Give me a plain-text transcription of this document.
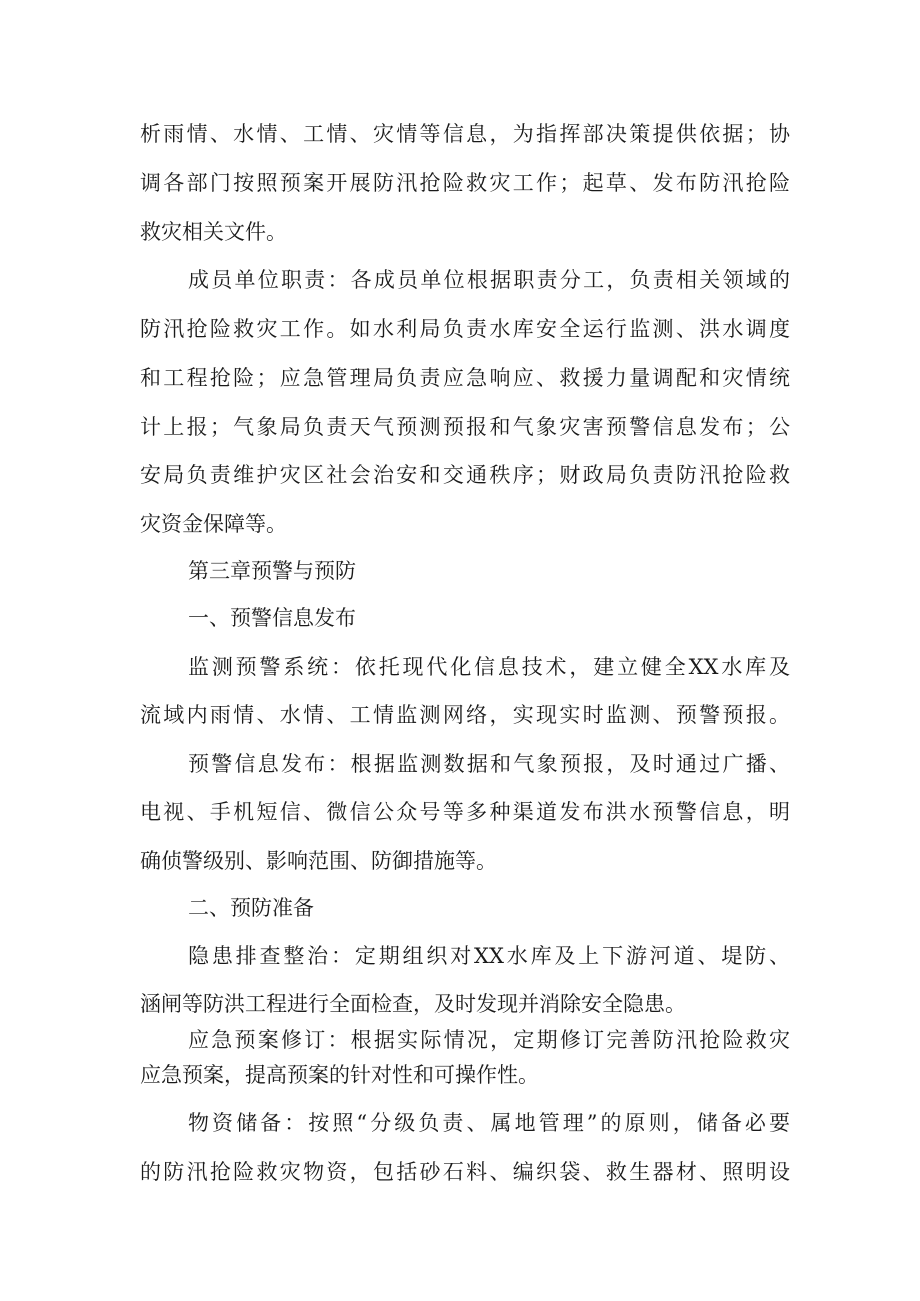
析雨情、水情、工情、灾情等信息，为指挥部决策提供依据；协
调各部门按照预案开展防汛抢险救灾工作；起草、发布防汛抢险
救灾相关文件。
成员单位职责：各成员单位根据职责分工，负责相关领域的
防汛抢险救灾工作。如水利局负责水库安全运行监测、洪水调度
和工程抢险；应急管理局负责应急响应、救援力量调配和灾情统
计上报；气象局负责天气预测预报和气象灾害预警信息发布；公
安局负责维护灾区社会治安和交通秩序；财政局负责防汛抢险救
灾资金保障等。
第三章预警与预防
一、预警信息发布
监测预警系统：依托现代化信息技术，建立健全XX水库及
流域内雨情、水情、工情监测网络，实现实时监测、预警预报。
预警信息发布：根据监测数据和气象预报，及时通过广播、
电视、手机短信、微信公众号等多种渠道发布洪水预警信息，明
确侦警级别、影响范围、防御措施等。
二、预防准备
隐患排查整治：定期组织对XX水库及上下游河道、堤防、
涵闸等防洪工程进行全面检查，及时发现并消除安全隐患。
应急预案修订：根据实际情况，定期修订完善防汛抢险救灾
应急预案，提高预案的针对性和可操作性。
物资储备：按照“分级负责、属地管理”的原则，储备必要
的防汛抢险救灾物资，包括砂石料、编织袋、救生器材、照明设
